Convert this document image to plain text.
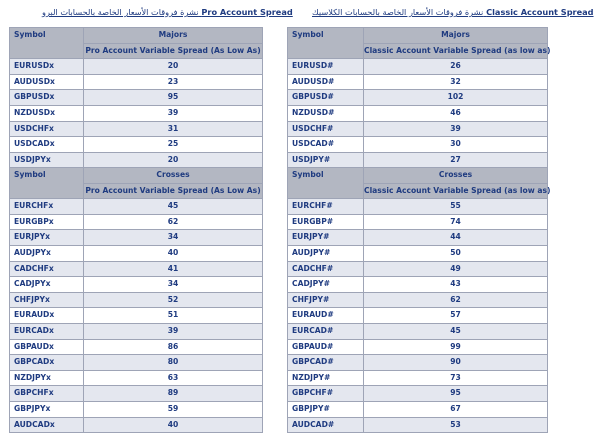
نشرة فروقات الأسعار الخاصة بالحسابات البرو Pro Account Spread نشرة فروقات الأسعار الخاصة بالحسابات الكلاسيك Classic Account Spread
Symbol	Majors
	Pro Account Variable Spread (As Low As)
EURUSDx	20
AUDUSDx	23
GBPUSDx	95
NZDUSDx	39
USDCHFx	31
USDCADx	25
USDJPYx	20
Symbol	Crosses
	Pro Account Variable Spread (As Low As)
EURCHFx	45
EURGBPx	62
EURJPYx	34
AUDJPYx	40
CADCHFx	41
CADJPYx	34
CHFJPYx	52
EURAUDx	51
EURCADx	39
GBPAUDx	86
GBPCADx	80
NZDJPYx	63
GBPCHFx	89
GBPJPYx	59
AUDCADx	40
Symbol	Majors
	Classic Account Variable Spread (as low as)
EURUSD#	26
AUDUSD#	32
GBPUSD#	102
NZDUSD#	46
USDCHF#	39
USDCAD#	30
USDJPY#	27
Symbol	Crosses
	Classic Account Variable Spread (as low as)
EURCHF#	55
EURGBP#	74
EURJPY#	44
AUDJPY#	50
CADCHF#	49
CADJPY#	43
CHFJPY#	62
EURAUD#	57
EURCAD#	45
GBPAUD#	99
GBPCAD#	90
NZDJPY#	73
GBPCHF#	95
GBPJPY#	67
AUDCAD#	53
